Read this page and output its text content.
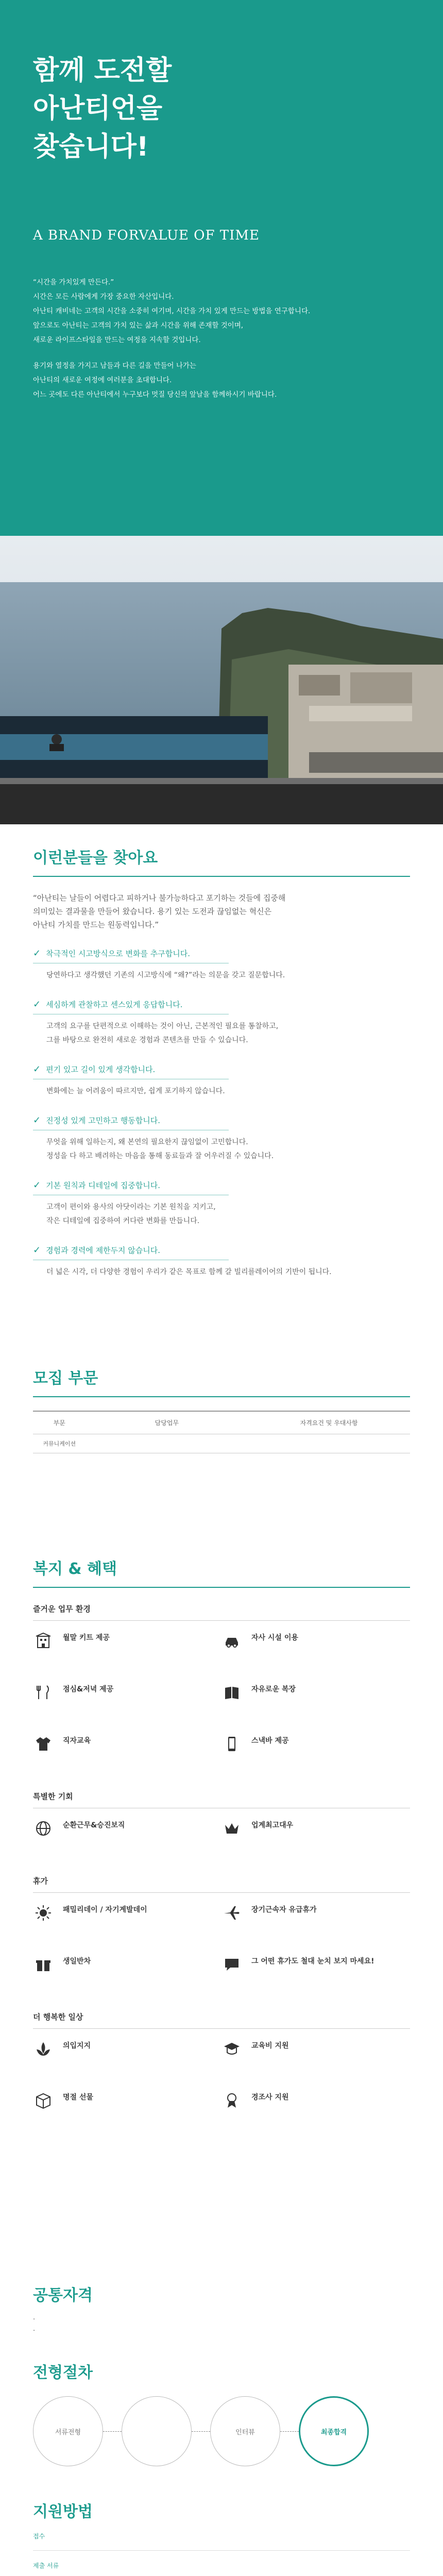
함께 도전할
아난티언을
찾습니다!
A BRAND FORVALUE OF TIME

“시간을 가치있게 만든다.”

시간은 모든 사람에게 가장 중요한 자산입니다.

아난티 캐비네는 고객의 시간을 소중히 여기며, 시간을 가치 있게 만드는 방법을 연구합니다.

앞으로도 아난티는 고객의 가치 있는 삶과 시간을 위해 존재할 것이며,

새로운 라이프스타일을 만드는 여정을 지속할 것입니다.

용기와 열정을 가지고 남들과 다른 길을 만들어 나가는

아난티의 새로운 여정에 여러분을 초대합니다.

어느 곳에도 다른 아난티에서 누구보다 멋질 당신의 앞날을 함께하시기 바랍니다.

이런분들을 찾아요
“아난티는 날들이 어렵다고 피하거나 불가능하다고 포기하는 것들에 집중해
의미있는 결과물을 만들어 왔습니다. 용기 있는 도전과 끊임없는 혁신은
아난티 가치를 만드는 원동력입니다.”
✓ 착극적인 시고방식으로 변화를 추구합니다.
당연하다고 생각했던 기존의 시고방식에 “왜?”라는 의문을 갖고 질문합니다.
✓ 세심하게 관찰하고 센스있게 응답합니다.
고객의 요구를 단편적으로 이해하는 것이 아닌, 근본적인 필요를 통찰하고,
그를 바탕으로 완전히 새로운 경험과 콘텐츠를 만들 수 있습니다.
✓ 편기 있고 길이 있게 생각합니다.
변화에는 늘 어려움이 따르지만, 쉽게 포기하지 않습니다.
✓ 진정성 있게 고민하고 행동합니다.
무엇을 위해 일하는지, 왜 본연의 필요한지 끊임없이 고민합니다.
정성을 다 하고 배려하는 마음을 통해 동료들과 잘 어우러질 수 있습니다.
✓ 기본 원칙과 디테일에 집중합니다.
고객이 편이와 용사의 아닷이라는 기본 원칙을 지키고,
작은 디테일에 집중하여 커다란 변화를 만듭니다.
✓ 경험과 경력에 제한두지 않습니다.
더 넓은 시각, 더 다양한 경험이 우리가 같은 목표로 함께 갈 빌리를레이어의 기반이 됩니다.
모집 부문
부문	담당업무	자격요건 및 우대사항
커뮤니케이션	

복지 & 혜택
즐거운 업무 환경
월말 키트 제공	자사 시설 이용
점심&저녁 제공	자유로운 복장
직자교육	스낵바 제공
특별한 기회
순환근무&승진보직	업계최고대우
휴가
패밀리데이 / 자기계발데이	장기근속자 유급휴가
생일반차	그 어떤 휴가도 철대 눈치 보지 마세요!
더 행복한 일상
의입지지	교육비 지원
명절 선물	경조사 지원
공통자격

·

·

전형절차
서류전형	인터뷰	최종합격
지원방법
접수
제출 서류
